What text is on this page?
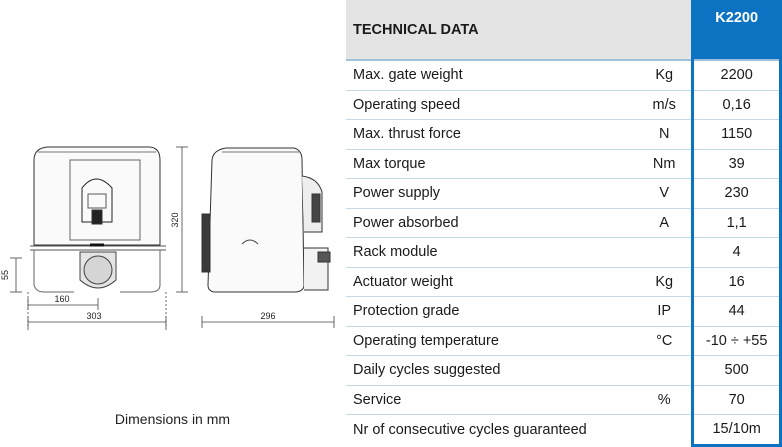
303
160
296
320
55
Dimensions in mm
TECHNICAL DATA		K2200
Max. gate weight	Kg	2200
Operating speed	m/s	0,16
Max. thrust force	N	1150
Max torque	Nm	39
Power supply	V	230
Power absorbed	A	1,1
Rack module		4
Actuator weight	Kg	16
Protection grade	IP	44
Operating temperature	°C	-10 ÷ +55
Daily cycles suggested		500
Service	%	70
Nr of consecutive cycles guaranteed		15/10m
